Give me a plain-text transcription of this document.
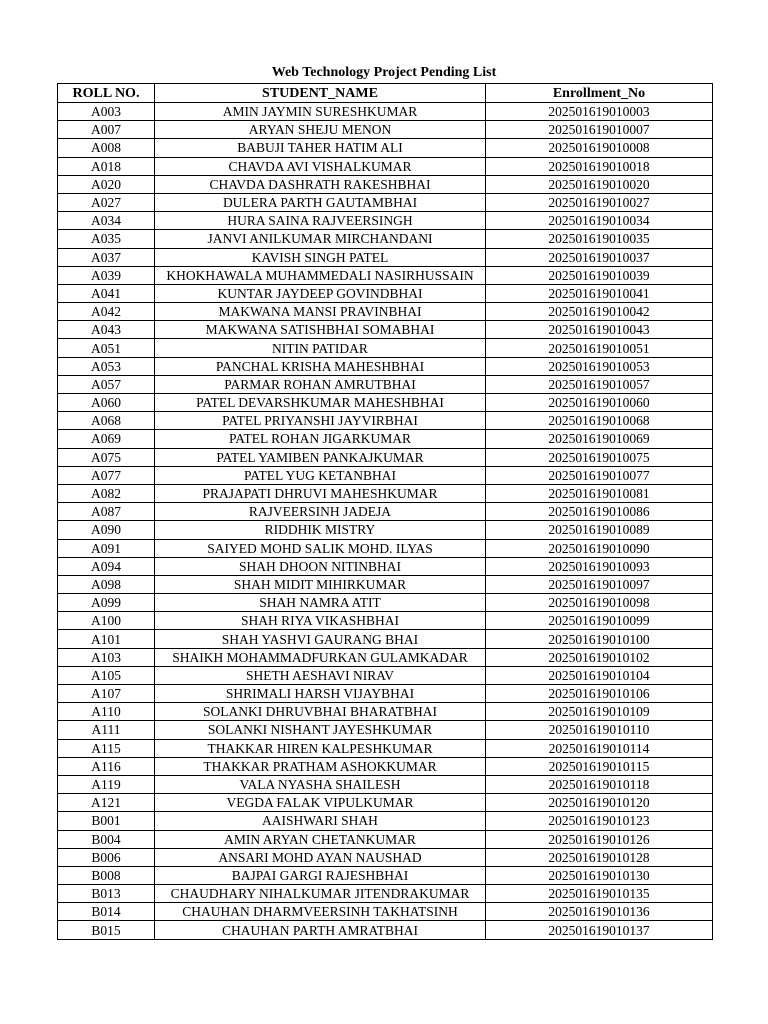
Web Technology Project Pending List
ROLL NO.	STUDENT_NAME	Enrollment_No
A003	AMIN JAYMIN SURESHKUMAR	202501619010003
A007	ARYAN SHEJU MENON	202501619010007
A008	BABUJI TAHER HATIM ALI	202501619010008
A018	CHAVDA AVI VISHALKUMAR	202501619010018
A020	CHAVDA DASHRATH RAKESHBHAI	202501619010020
A027	DULERA PARTH GAUTAMBHAI	202501619010027
A034	HURA SAINA RAJVEERSINGH	202501619010034
A035	JANVI ANILKUMAR MIRCHANDANI	202501619010035
A037	KAVISH SINGH PATEL	202501619010037
A039	KHOKHAWALA MUHAMMEDALI NASIRHUSSAIN	202501619010039
A041	KUNTAR JAYDEEP GOVINDBHAI	202501619010041
A042	MAKWANA MANSI PRAVINBHAI	202501619010042
A043	MAKWANA SATISHBHAI SOMABHAI	202501619010043
A051	NITIN PATIDAR	202501619010051
A053	PANCHAL KRISHA MAHESHBHAI	202501619010053
A057	PARMAR ROHAN AMRUTBHAI	202501619010057
A060	PATEL DEVARSHKUMAR MAHESHBHAI	202501619010060
A068	PATEL PRIYANSHI JAYVIRBHAI	202501619010068
A069	PATEL ROHAN JIGARKUMAR	202501619010069
A075	PATEL YAMIBEN PANKAJKUMAR	202501619010075
A077	PATEL YUG KETANBHAI	202501619010077
A082	PRAJAPATI DHRUVI MAHESHKUMAR	202501619010081
A087	RAJVEERSINH JADEJA	202501619010086
A090	RIDDHIK MISTRY	202501619010089
A091	SAIYED MOHD SALIK MOHD. ILYAS	202501619010090
A094	SHAH DHOON NITINBHAI	202501619010093
A098	SHAH MIDIT MIHIRKUMAR	202501619010097
A099	SHAH NAMRA ATIT	202501619010098
A100	SHAH RIYA VIKASHBHAI	202501619010099
A101	SHAH YASHVI GAURANG BHAI	202501619010100
A103	SHAIKH MOHAMMADFURKAN GULAMKADAR	202501619010102
A105	SHETH AESHAVI NIRAV	202501619010104
A107	SHRIMALI HARSH VIJAYBHAI	202501619010106
A110	SOLANKI DHRUVBHAI BHARATBHAI	202501619010109
A111	SOLANKI NISHANT JAYESHKUMAR	202501619010110
A115	THAKKAR HIREN KALPESHKUMAR	202501619010114
A116	THAKKAR PRATHAM ASHOKKUMAR	202501619010115
A119	VALA NYASHA SHAILESH	202501619010118
A121	VEGDA FALAK VIPULKUMAR	202501619010120
B001	AAISHWARI SHAH	202501619010123
B004	AMIN ARYAN CHETANKUMAR	202501619010126
B006	ANSARI MOHD AYAN NAUSHAD	202501619010128
B008	BAJPAI GARGI RAJESHBHAI	202501619010130
B013	CHAUDHARY NIHALKUMAR JITENDRAKUMAR	202501619010135
B014	CHAUHAN DHARMVEERSINH TAKHATSINH	202501619010136
B015	CHAUHAN PARTH AMRATBHAI	202501619010137
